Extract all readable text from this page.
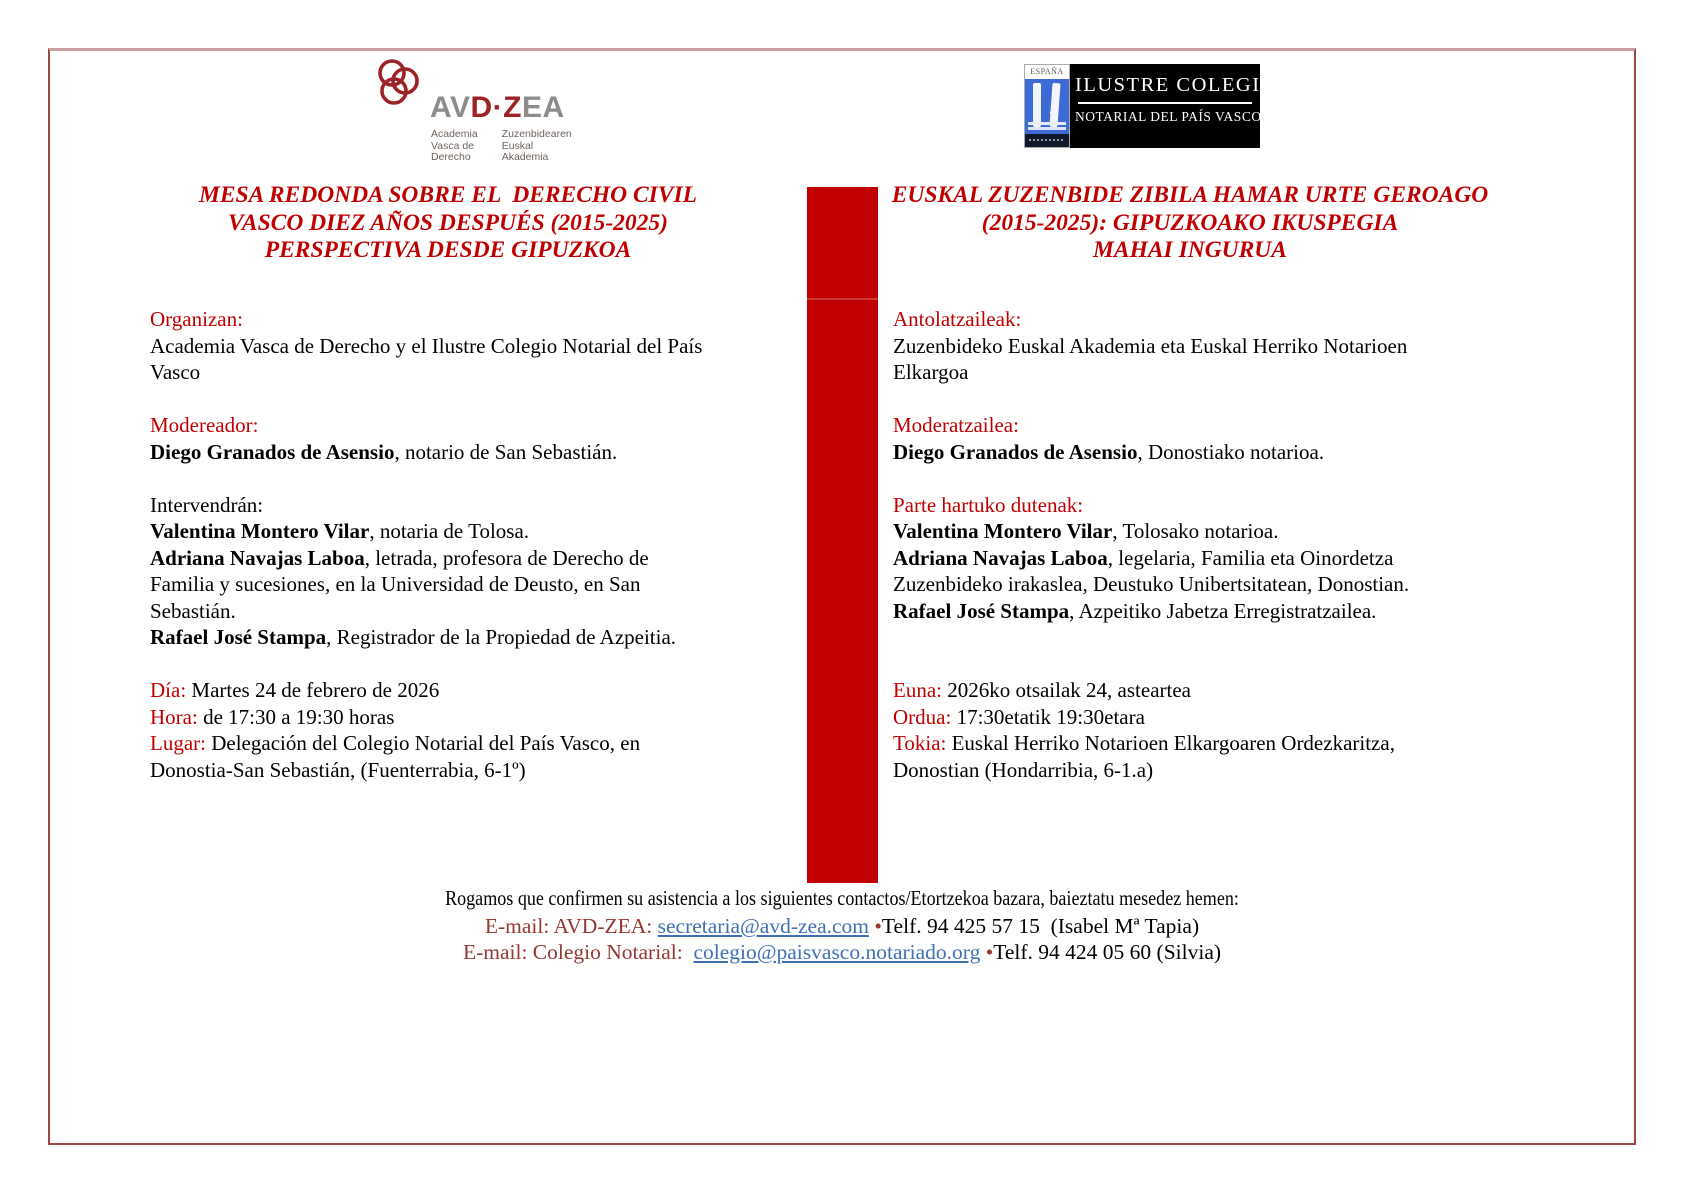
AVD·ZEA
Academia
Vasca de
Derecho
Zuzenbidearen
Euskal
Akademia
ESPAÑA
ILUSTRE COLEGIO
NOTARIAL DEL PAÍS VASCO
MESA REDONDA SOBRE EL  DERECHO CIVIL
VASCO DIEZ AÑOS DESPUÉS (2015-2025)
PERSPECTIVA DESDE GIPUZKOA
EUSKAL ZUZENBIDE ZIBILA HAMAR URTE GEROAGO
(2015-2025): GIPUZKOAKO IKUSPEGIA
MAHAI INGURUA
Organizan:
Academia Vasca de Derecho y el Ilustre Colegio Notarial del País
Vasco
Modereador:
Diego Granados de Asensio, notario de San Sebastián.
Intervendrán:
Valentina Montero Vilar, notaria de Tolosa.
Adriana Navajas Laboa, letrada, profesora de Derecho de
Familia y sucesiones, en la Universidad de Deusto, en San
Sebastián.
Rafael José Stampa, Registrador de la Propiedad de Azpeitia.
Día: Martes 24 de febrero de 2026
Hora: de 17:30 a 19:30 horas
Lugar: Delegación del Colegio Notarial del País Vasco, en
Donostia-San Sebastián, (Fuenterrabia, 6-1º)
Antolatzaileak:
Zuzenbideko Euskal Akademia eta Euskal Herriko Notarioen
Elkargoa
Moderatzailea:
Diego Granados de Asensio, Donostiako notarioa.
Parte hartuko dutenak:
Valentina Montero Vilar, Tolosako notarioa.
Adriana Navajas Laboa, legelaria, Familia eta Oinordetza
Zuzenbideko irakaslea, Deustuko Unibertsitatean, Donostian.
Rafael José Stampa, Azpeitiko Jabetza Erregistratzailea.
Euna: 2026ko otsailak 24, asteartea
Ordua: 17:30etatik 19:30etara
Tokia: Euskal Herriko Notarioen Elkargoaren Ordezkaritza,
Donostian (Hondarribia, 6-1.a)
Rogamos que confirmen su asistencia a los siguientes contactos/Etortzekoa bazara, baieztatu mesedez hemen:
E-mail: AVD-ZEA: secretaria@avd-zea.com •Telf. 94 425 57 15  (Isabel Mª Tapia)
E-mail: Colegio Notarial:  colegio@paisvasco.notariado.org •Telf. 94 424 05 60 (Silvia)
